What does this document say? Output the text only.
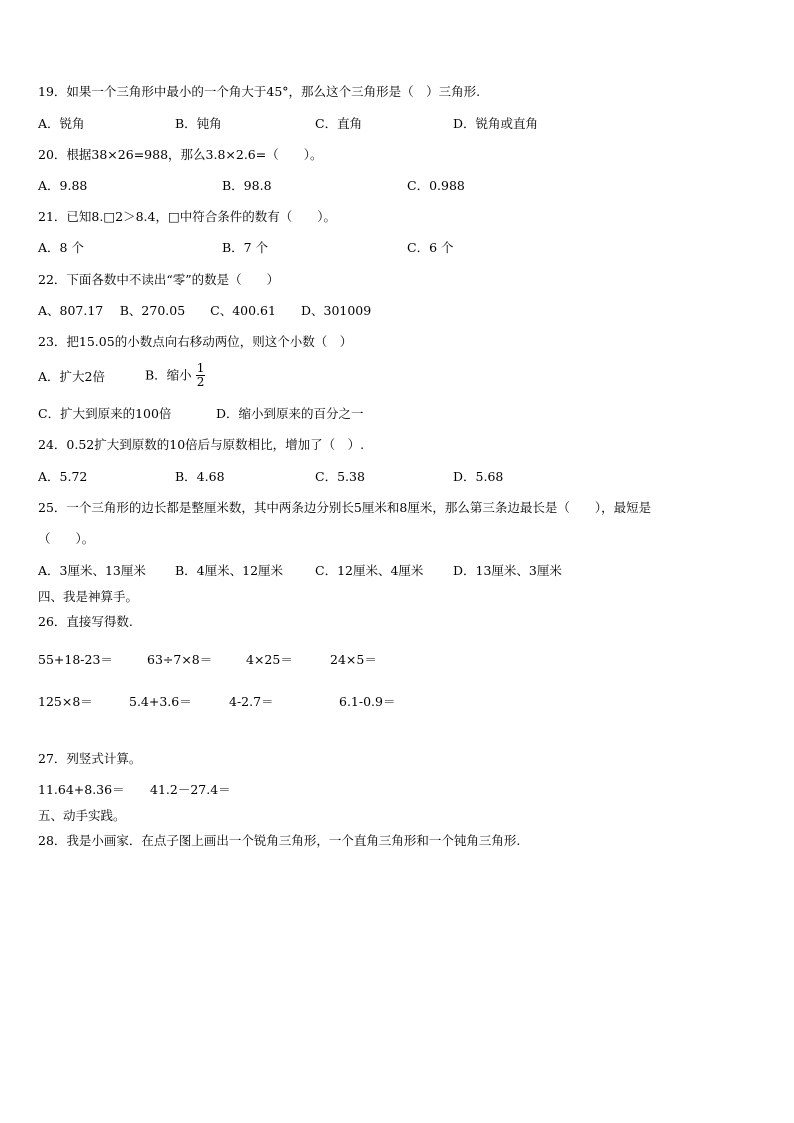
19．如果一个三角形中最小的一个角大于45°，那么这个三角形是（　）三角形.
A．锐角	B．钝角	C．直角	D．锐角或直角
20．根据38×26=988，那么3.8×2.6=（　　）。
A．9.88	B．98.8	C．0.988
21．已知8.□2＞8.4，□中符合条件的数有（　　）。
A．8 个	B．7 个	C．6 个
22．下面各数中不读出“零”的数是（　　）
A、807.17　 B、270.05　　C、400.61　　D、301009
23．把15.05的小数点向右移动两位，则这个小数（　）
A．扩大2倍	B．缩小 $\frac{1}{2}$
C．扩大到原来的100倍	D．缩小到原来的百分之一
24．0.52扩大到原数的10倍后与原数相比，增加了（　）.
A．5.72	B．4.68	C．5.38	D．5.68
25．一个三角形的边长都是整厘米数，其中两条边分别长5厘米和8厘米，那么第三条边最长是（　　），最短是
（　　）。
A．3厘米、13厘米 B．4厘米、12厘米	C．12厘米、4厘米 D．13厘米、3厘米
四、我是神算手。
26．直接写得数.
55+18-23＝	63÷7×8＝	4×25＝	24×5＝
125×8＝	5.4+3.6＝	4-2.7＝	6.1-0.9＝
27．列竖式计算。
11.64+8.36＝ 41.2－27.4＝
五、动手实践。
28．我是小画家．在点子图上画出一个锐角三角形，一个直角三角形和一个钝角三角形.
